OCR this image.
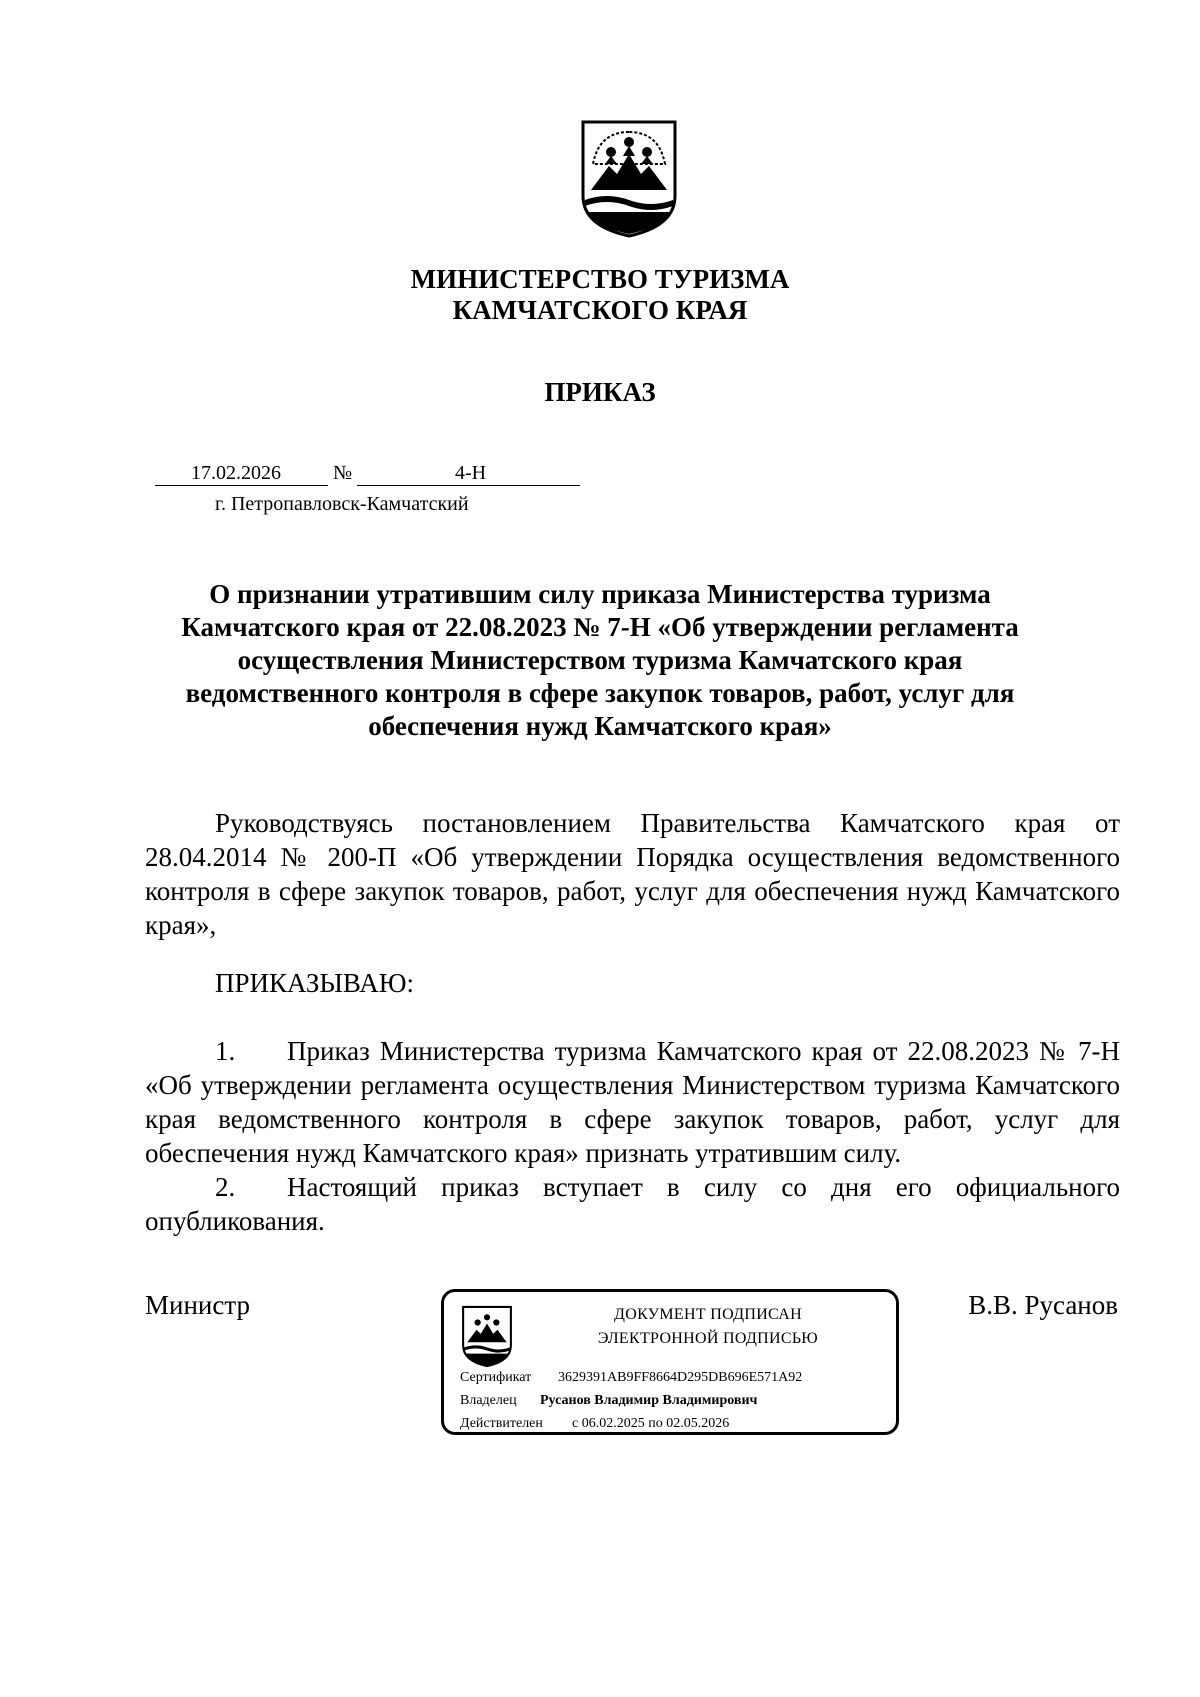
МИНИСТЕРСТВО ТУРИЗМА
КАМЧАТСКОГО КРАЯ
ПРИКАЗ
17.02.2026	№	4-Н
г. Петропавловск-Камчатский
О признании утратившим силу приказа Министерства туризма
Камчатского края от 22.08.2023 № 7-Н «Об утверждении регламента
осуществления Министерством туризма Камчатского края
ведомственного контроля в сфере закупок товаров, работ, услуг для
обеспечения нужд Камчатского края»

Руководствуясь постановлением Правительства Камчатского края от 28.04.2014 № 200-П «Об утверждении Порядка осуществления ведомственного контроля в сфере закупок товаров, работ, услуг для обеспечения нужд Камчатского края»,

ПРИКАЗЫВАЮ:
1. Приказ Министерства туризма Камчатского края от 22.08.2023 № 7-Н «Об утверждении регламента осуществления Министерством туризма Камчатского края ведомственного контроля в сфере закупок товаров, работ, услуг для обеспечения нужд Камчатского края» признать утратившим силу.
2. Настоящий приказ вступает в силу со дня его официального опубликования.
Министр	В.В. Русанов
ДОКУМЕНТ ПОДПИСАН
ЭЛЕКТРОННОЙ ПОДПИСЬЮ
Сертификат 3629391AB9FF8664D295DB696E571A92
Владелец Русанов Владимир Владимирович
Действителен с 06.02.2025 по 02.05.2026
